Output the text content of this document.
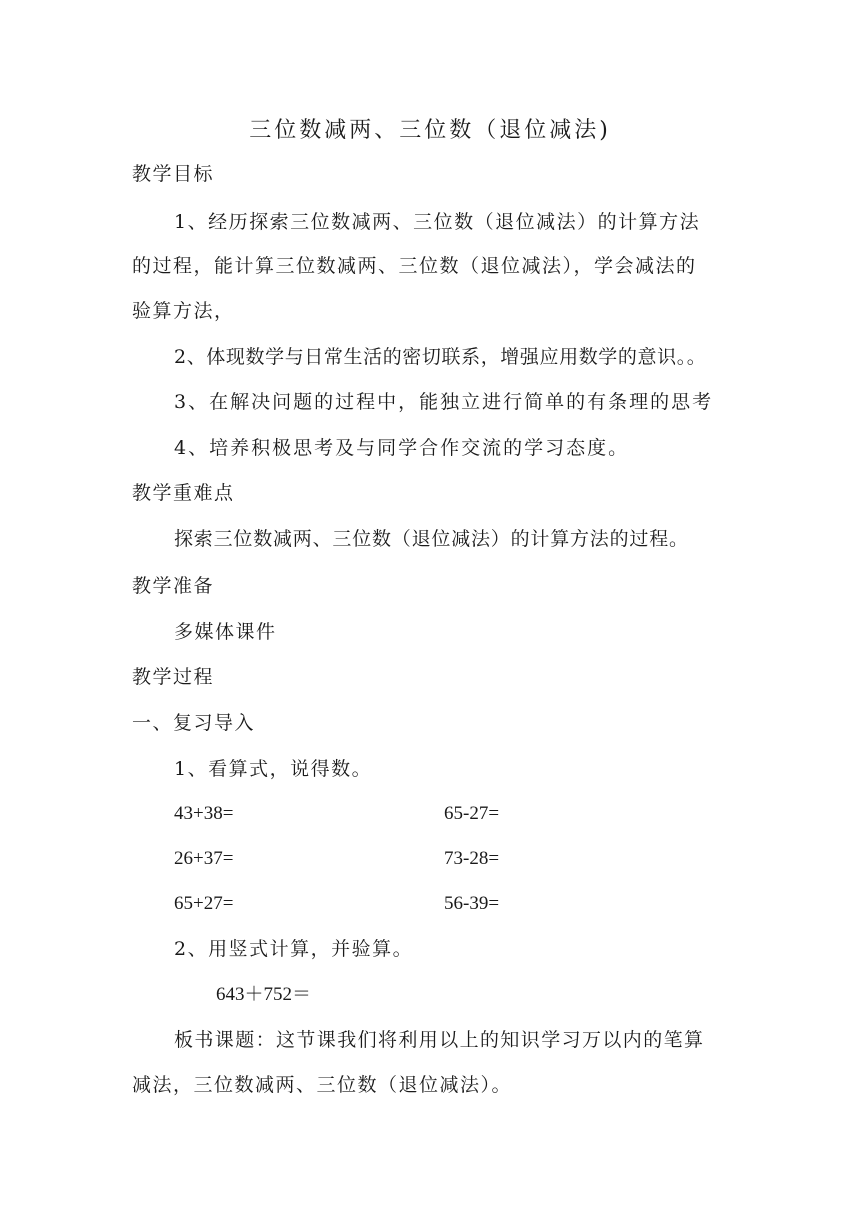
三位数减两、三位数（退位减法)
教学目标
1、经历探索三位数减两、三位数（退位减法）的计算方法
的过程，能计算三位数减两、三位数（退位减法），学会减法的
验算方法，
2、体现数学与日常生活的密切联系，增强应用数学的意识。。
3、在解决问题的过程中，能独立进行简单的有条理的思考
4、培养积极思考及与同学合作交流的学习态度。
教学重难点
探索三位数减两、三位数（退位减法）的计算方法的过程。
教学准备
多媒体课件
教学过程
一、复习导入
1、看算式，说得数。
43+38=	65-27=
26+37=	73-28=
65+27=	56-39=
2、用竖式计算，并验算。
643＋752＝
板书课题：这节课我们将利用以上的知识学习万以内的笔算
减法，三位数减两、三位数（退位减法）。
